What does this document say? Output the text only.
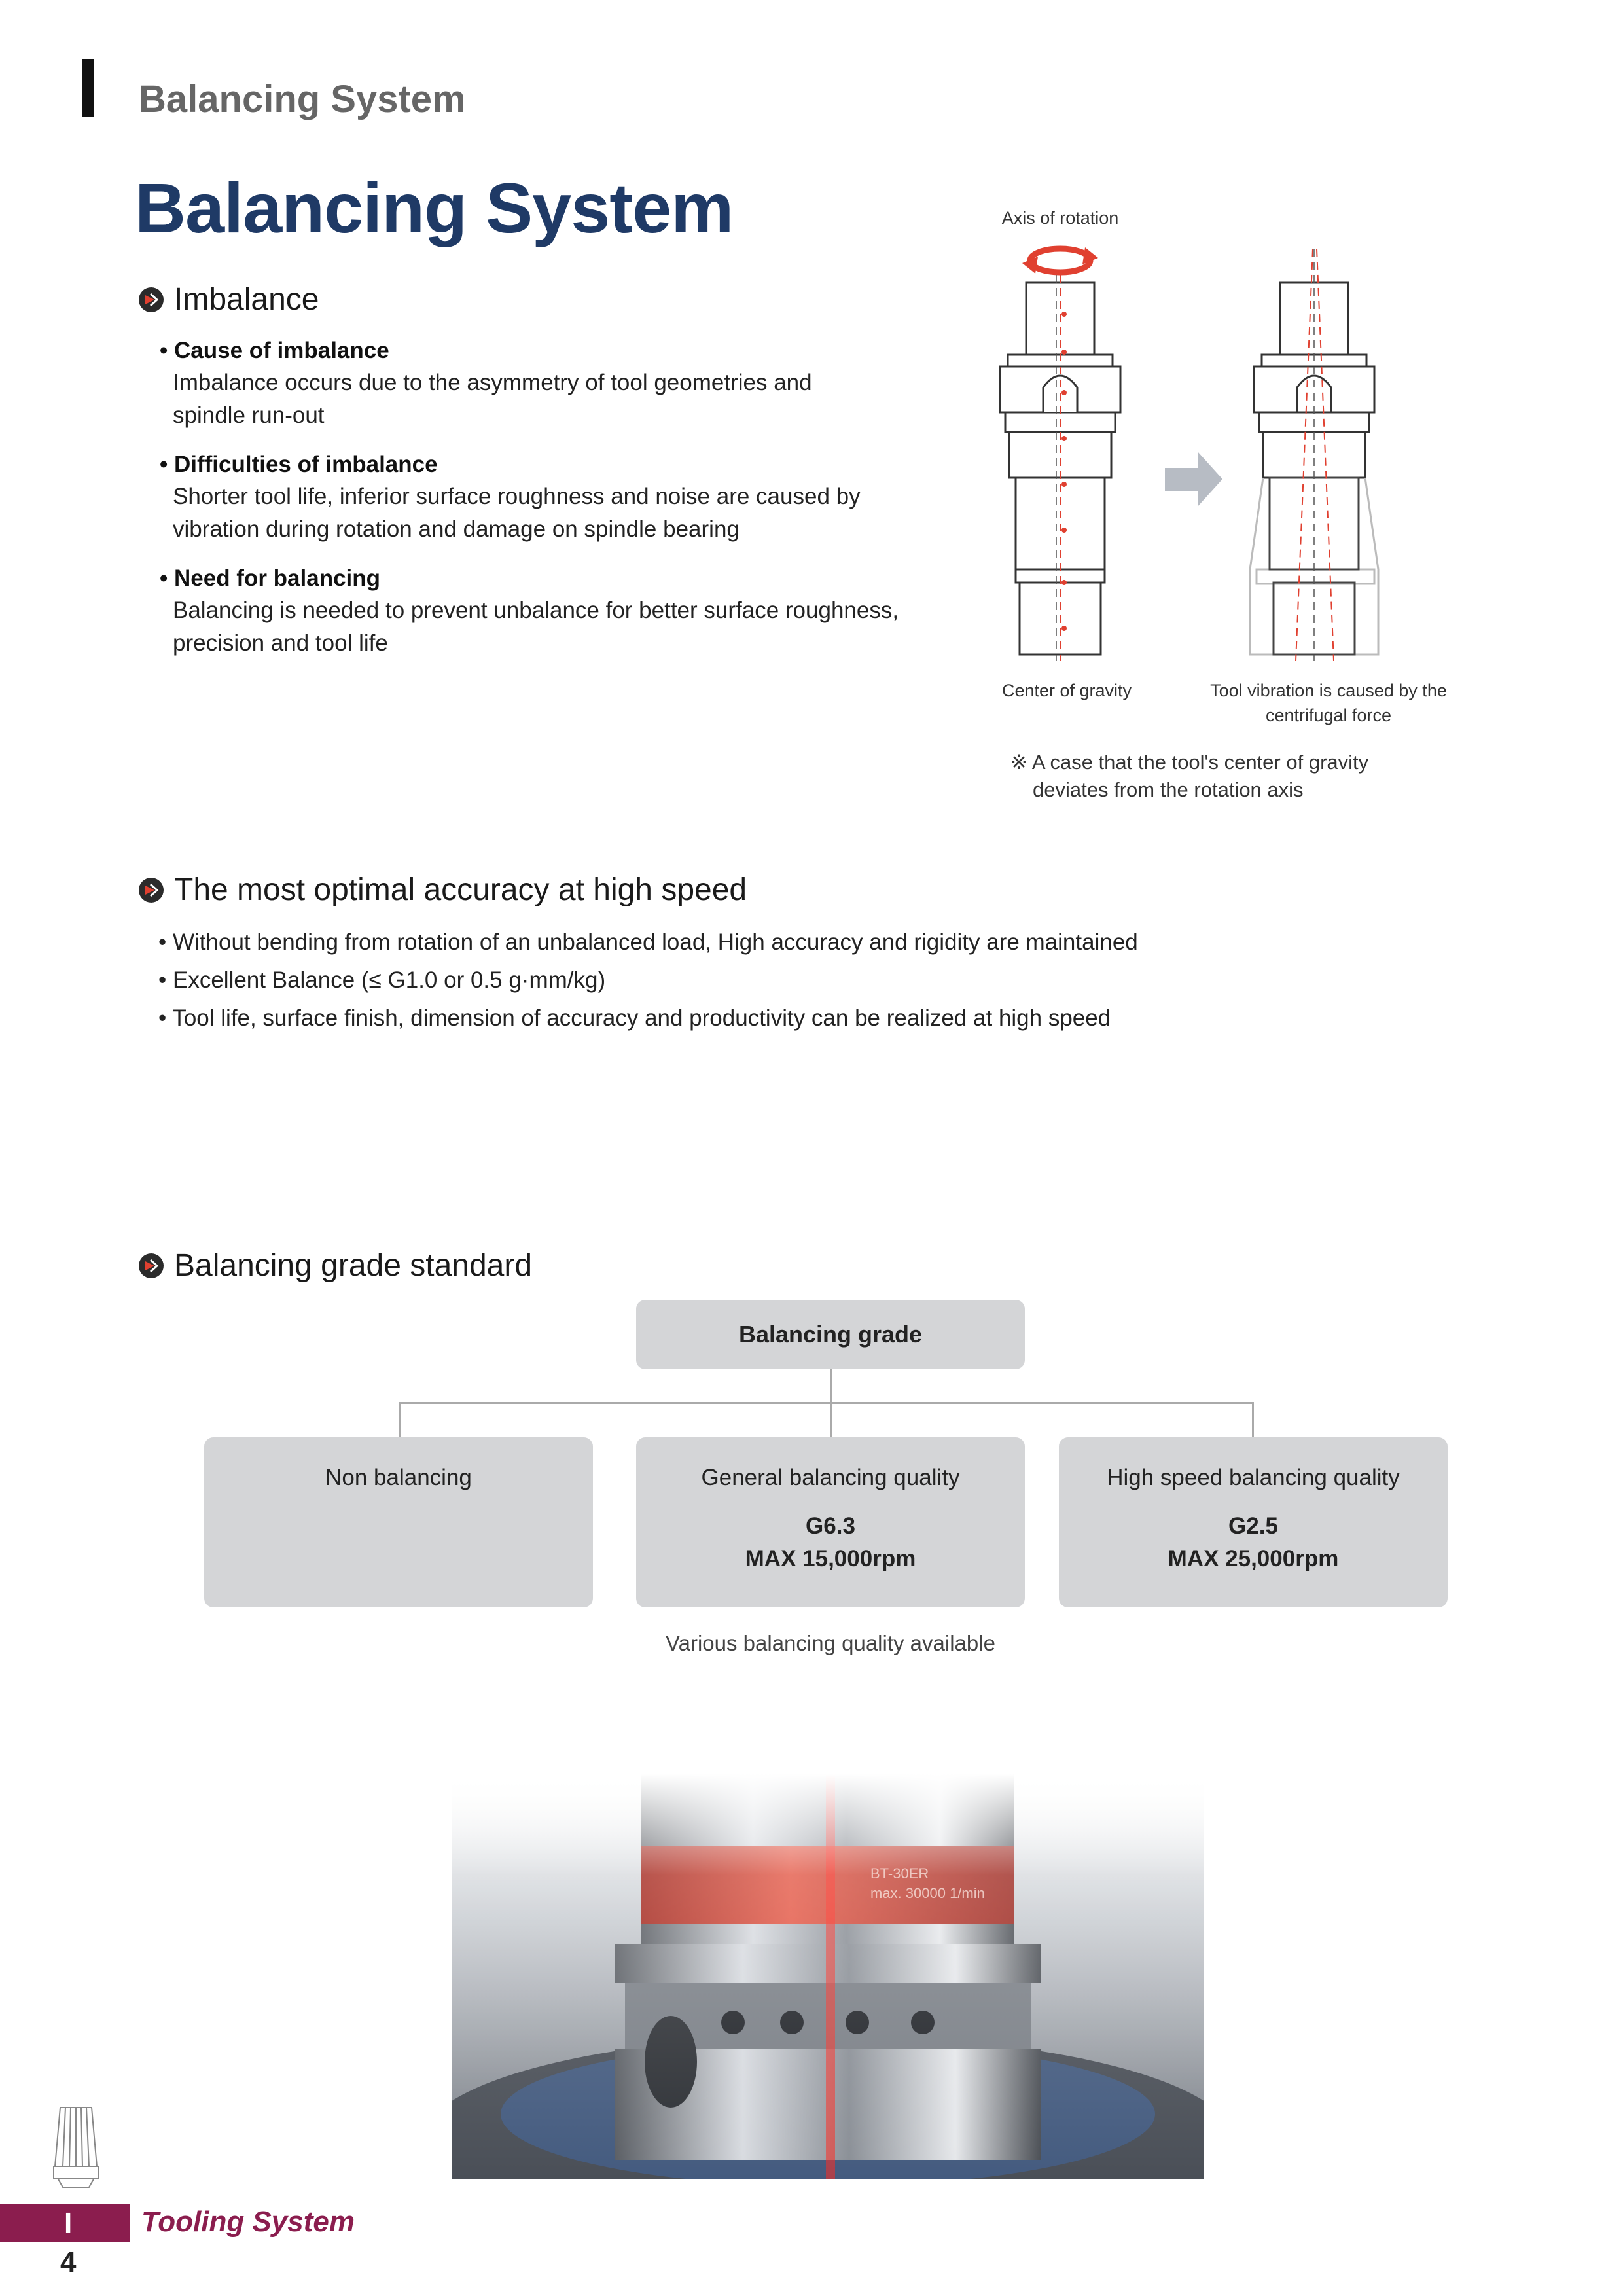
Balancing System
Balancing System
Imbalance
• Cause of imbalance
Imbalance occurs due to the asymmetry of tool geometries and
spindle run-out
• Difficulties of imbalance
Shorter tool life, inferior surface roughness and noise are caused by
vibration during rotation and damage on spindle bearing
• Need for balancing
Balancing is needed to prevent unbalance for better surface roughness,
precision and tool life
Axis of rotation
Center of gravity	Tool vibration is caused by the
centrifugal force
※ A case that the tool's center of gravity
deviates from the rotation axis
The most optimal accuracy at high speed
• Without bending from rotation of an unbalanced load, High accuracy and rigidity are maintained
• Excellent Balance (≤ G1.0 or 0.5 g·mm/kg)
• Tool life, surface finish, dimension of accuracy and productivity can be realized at high speed
Balancing grade standard
Balancing grade
Non balancing	General balancing quality
G6.3
MAX 15,000rpm
High speed balancing quality
G2.5
MAX 25,000rpm
Various balancing quality available
I Tooling System
4
